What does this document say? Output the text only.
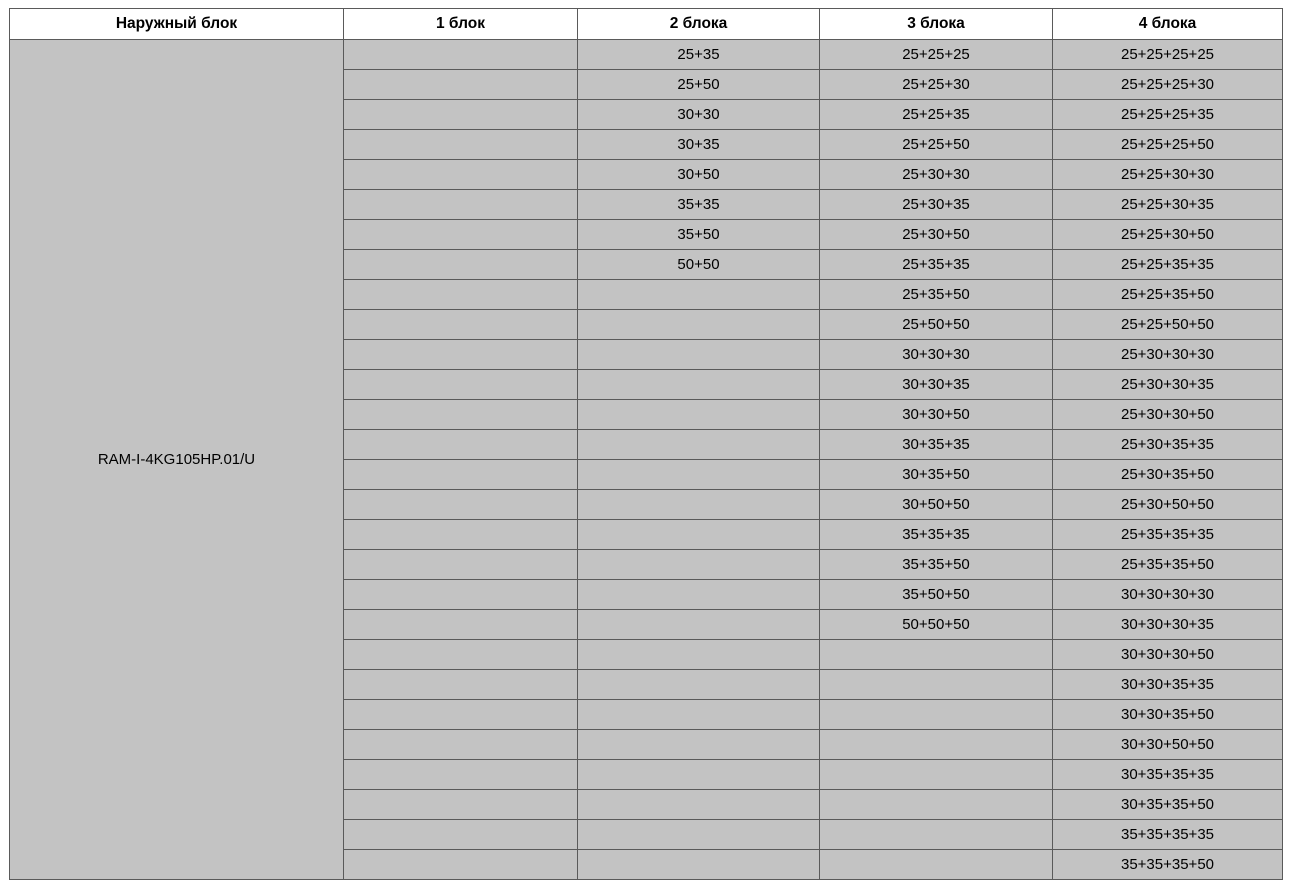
Наружный блок	1 блок	2 блока	3 блока	4 блока
RAM-I-4KG105HP.01/U		25+35	25+25+25	25+25+25+25
		25+50	25+25+30	25+25+25+30
		30+30	25+25+35	25+25+25+35
		30+35	25+25+50	25+25+25+50
		30+50	25+30+30	25+25+30+30
		35+35	25+30+35	25+25+30+35
		35+50	25+30+50	25+25+30+50
		50+50	25+35+35	25+25+35+35
			25+35+50	25+25+35+50
			25+50+50	25+25+50+50
			30+30+30	25+30+30+30
			30+30+35	25+30+30+35
			30+30+50	25+30+30+50
			30+35+35	25+30+35+35
			30+35+50	25+30+35+50
			30+50+50	25+30+50+50
			35+35+35	25+35+35+35
			35+35+50	25+35+35+50
			35+50+50	30+30+30+30
			50+50+50	30+30+30+35
				30+30+30+50
				30+30+35+35
				30+30+35+50
				30+30+50+50
				30+35+35+35
				30+35+35+50
				35+35+35+35
				35+35+35+50
